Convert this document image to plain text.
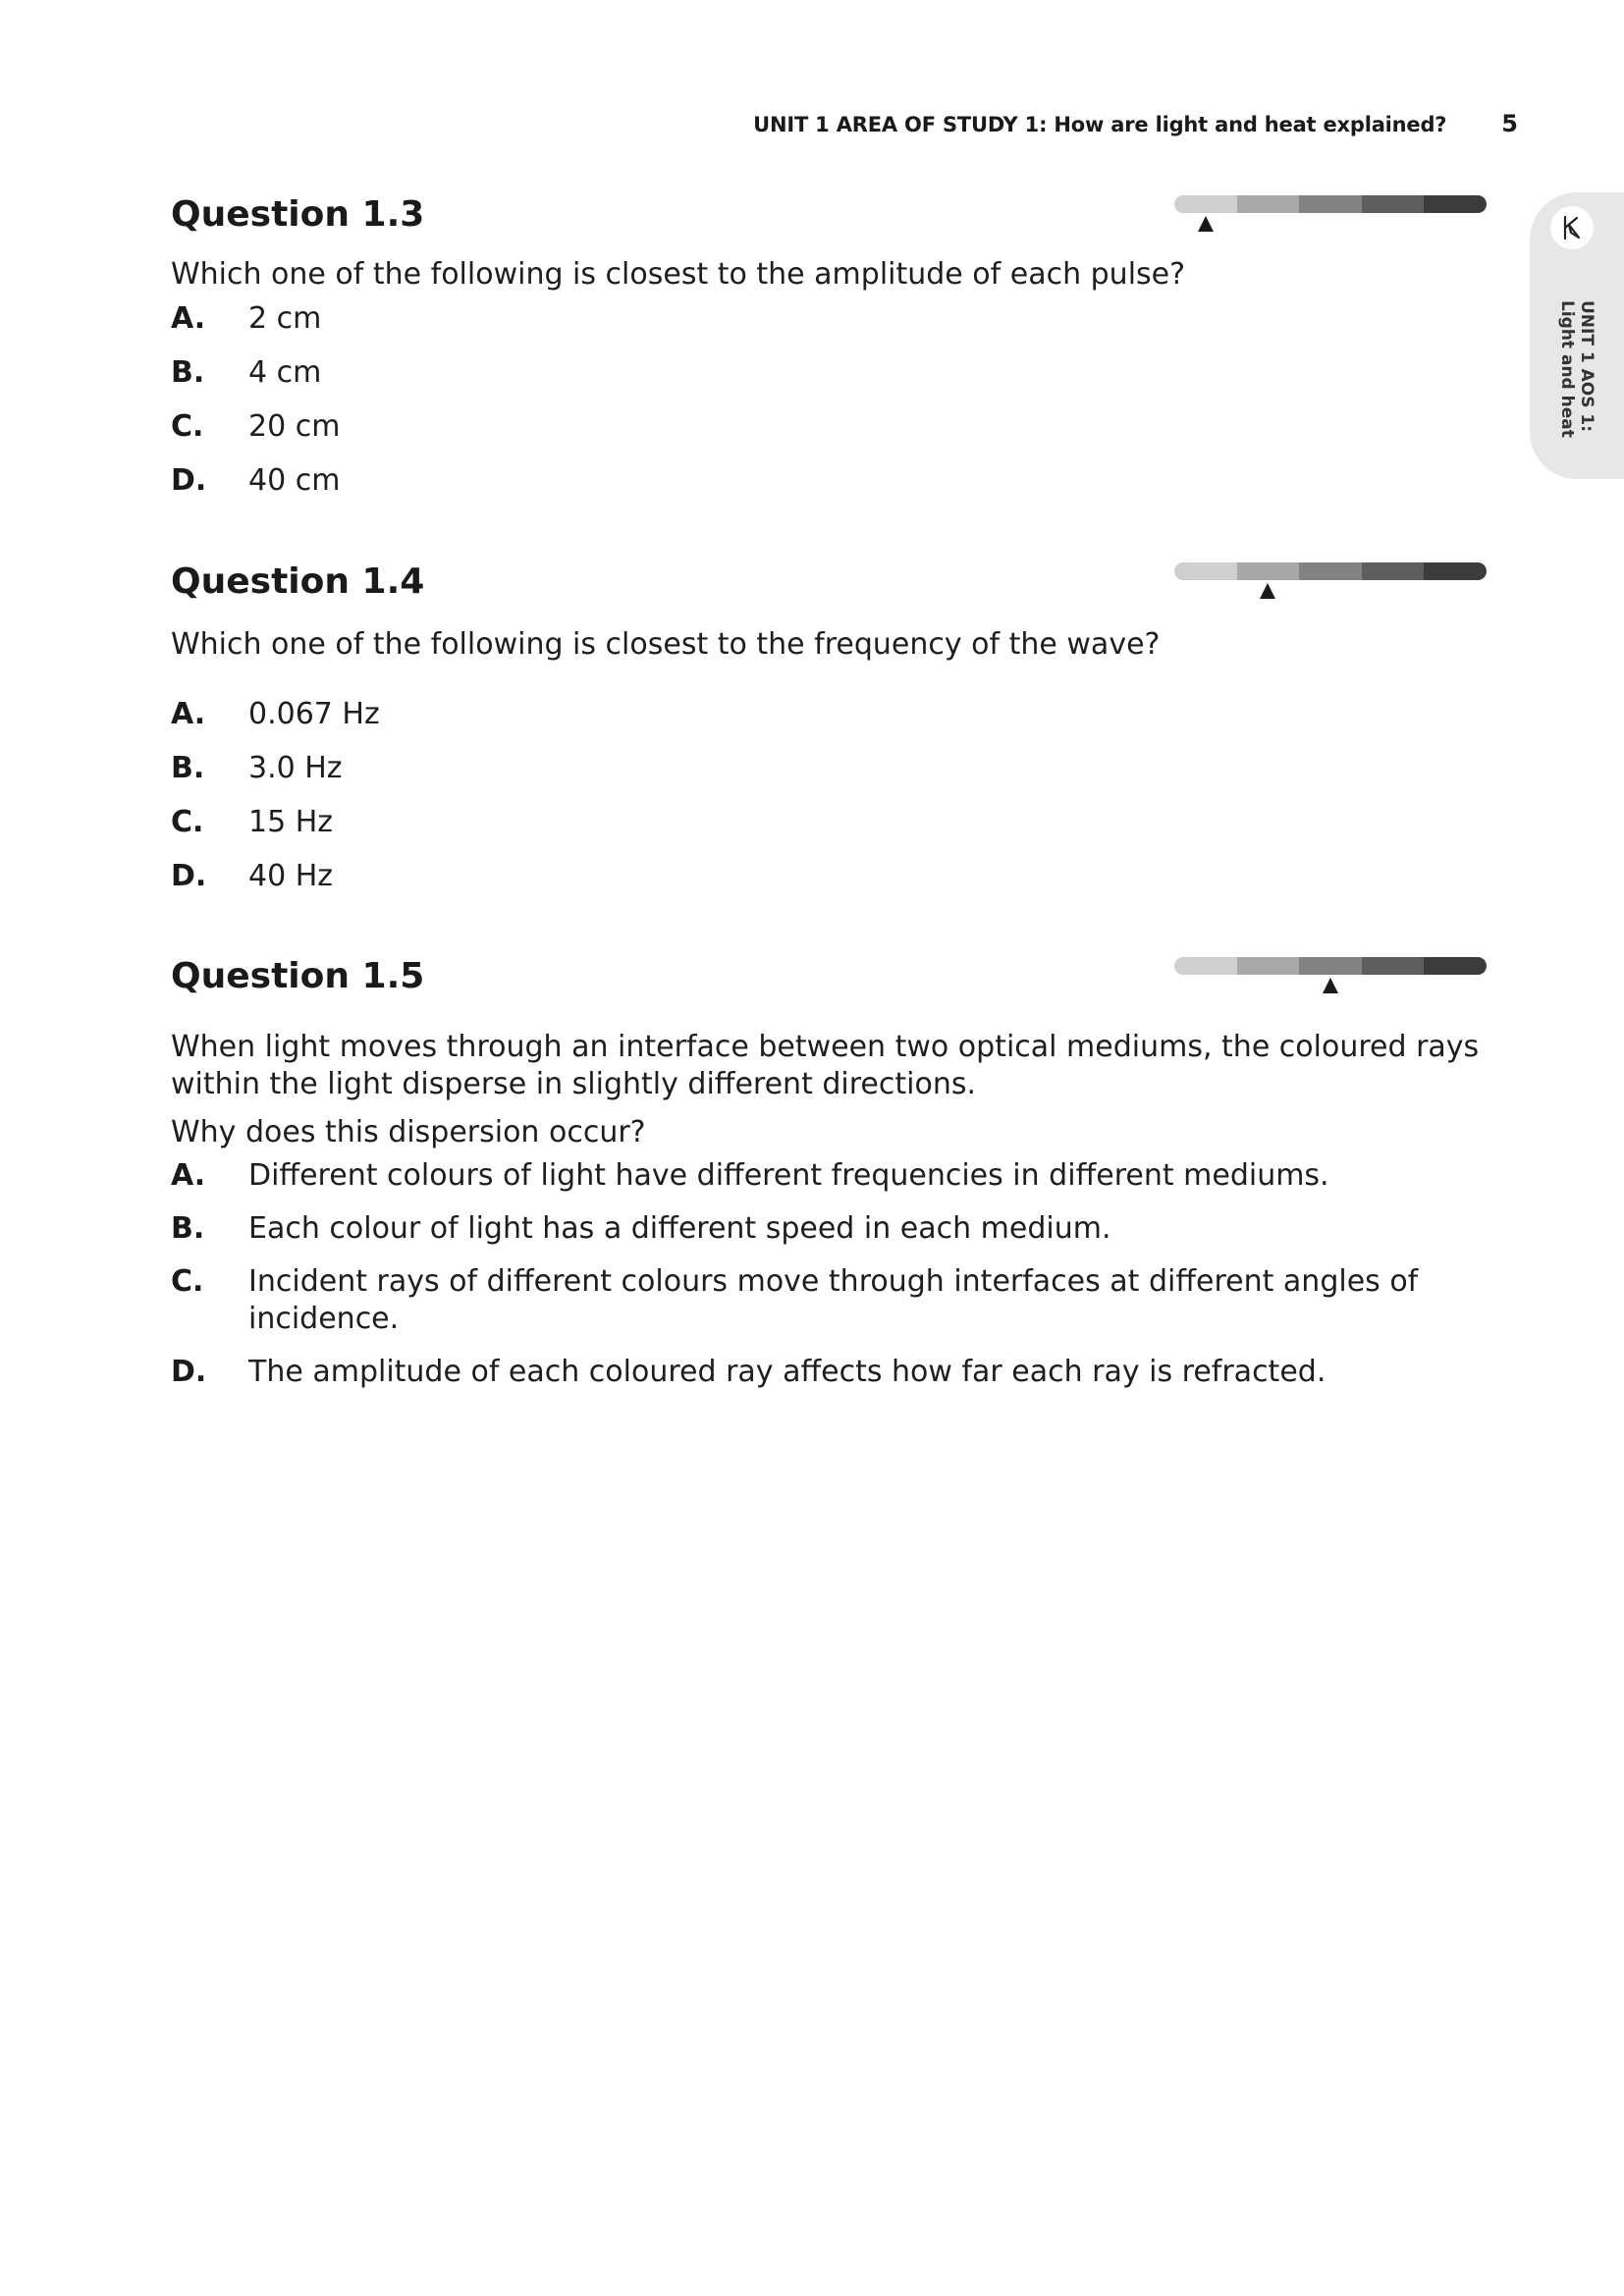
UNIT 1 AREA OF STUDY 1: How are light and heat explained? 5
UNIT 1 AOS 1:
Light and heat
Question 1.3

Which one of the following is closest to the amplitude of each pulse?

A.	2 cm
B.	4 cm
C.	20 cm
D.	40 cm
Question 1.4

Which one of the following is closest to the frequency of the wave?

A.	0.067 Hz
B.	3.0 Hz
C.	15 Hz
D.	40 Hz
Question 1.5

When light moves through an interface between two optical mediums, the coloured rays within the light disperse in slightly different directions.

Why does this dispersion occur?

A.	Different colours of light have different frequencies in different mediums.
B.	Each colour of light has a different speed in each medium.
C.	Incident rays of different colours move through interfaces at different angles of incidence.
D.	The amplitude of each coloured ray affects how far each ray is refracted.
